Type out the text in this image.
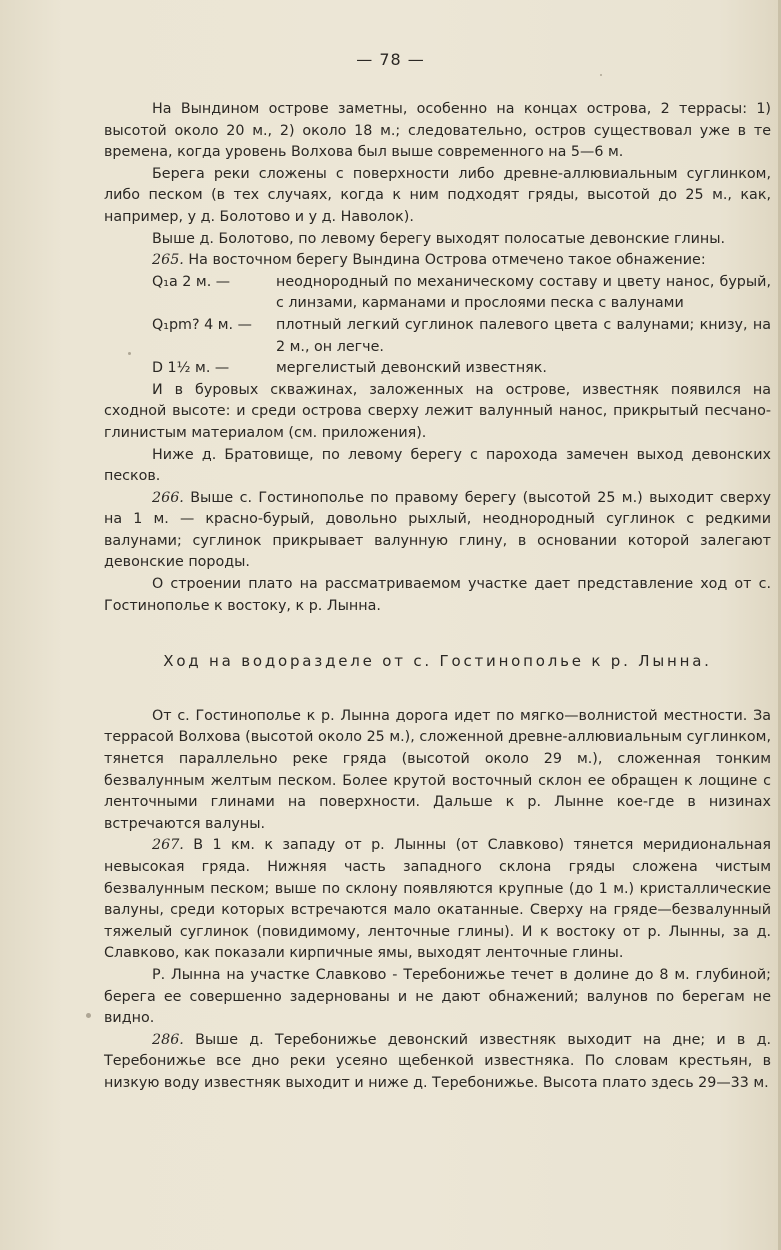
— 78 —

На Вындином острове заметны, особенно на концах острова, 2 террасы: 1) высотой около 20 м., 2) около 18 м.; следовательно, остров существовал уже в те времена, когда уровень Волхова был выше современного на 5—6 м.

Берега реки сложены с поверхности либо древне-аллювиальным суглинком, либо песком (в тех случаях, когда к ним подходят гряды, высотой до 25 м., как, например, у д. Болотово и у д. Наволок).

Выше д. Болотово, по левому берегу выходят полосатые девонские глины.

265. На восточном берегу Вындина Острова отмечено такое обнажение:

Q₁a 2 м. —	неоднородный по механическому составу и цвету нанос, бурый, с линзами, карманами и прослоями песка с валунами
Q₁pm? 4 м. —	плотный легкий суглинок палевого цвета с валунами; книзу, на 2 м., он легче.
D 1½ м. —	мергелистый девонский известняк.

И в буровых скважинах, заложенных на острове, известняк появился на сходной высоте: и среди острова сверху лежит валунный нанос, прикрытый песчано-глинистым материалом (см. приложения).

Ниже д. Братовище, по левому берегу с парохода замечен выход девонских песков.

266. Выше с. Гостинополье по правому берегу (высотой 25 м.) выходит сверху на 1 м. — красно-бурый, довольно рыхлый, неоднородный суглинок с редкими валунами; суглинок прикрывает валунную глину, в основании которой залегают девонские породы.

О строении плато на рассматриваемом участке дает представление ход от с. Гостинополье к востоку, к р. Лынна.

Ход на водоразделе от с. Гостинополье к р. Лынна.

От с. Гостинополье к р. Лынна дорога идет по мягко—волнистой местности. За террасой Волхова (высотой около 25 м.), сложенной древне-аллювиальным суглинком, тянется параллельно реке гряда (высотой около 29 м.), сложенная тонким безвалунным желтым песком. Более крутой восточный склон ее обращен к лощине с ленточными глинами на поверхности. Дальше к р. Лынне кое-где в низинах встречаются валуны.

267. В 1 км. к западу от р. Лынны (от Славково) тянется меридиональная невысокая гряда. Нижняя часть западного склона гряды сложена чистым безвалунным песком; выше по склону появляются крупные (до 1 м.) кристаллические валуны, среди которых встречаются мало окатанные. Сверху на гряде—безвалунный тяжелый суглинок (повидимому, ленточные глины). И к востоку от р. Лынны, за д. Славково, как показали кирпичные ямы, выходят ленточные глины.

Р. Лынна на участке Славково - Теребонижье течет в долине до 8 м. глубиной; берега ее совершенно задернованы и не дают обнажений; валунов по берегам не видно.

286. Выше д. Теребонижье девонский известняк выходит на дне; и в д. Теребонижье все дно реки усеяно щебенкой известняка. По словам крестьян, в низкую воду известняк выходит и ниже д. Теребонижье. Высота плато здесь 29—33 м.
